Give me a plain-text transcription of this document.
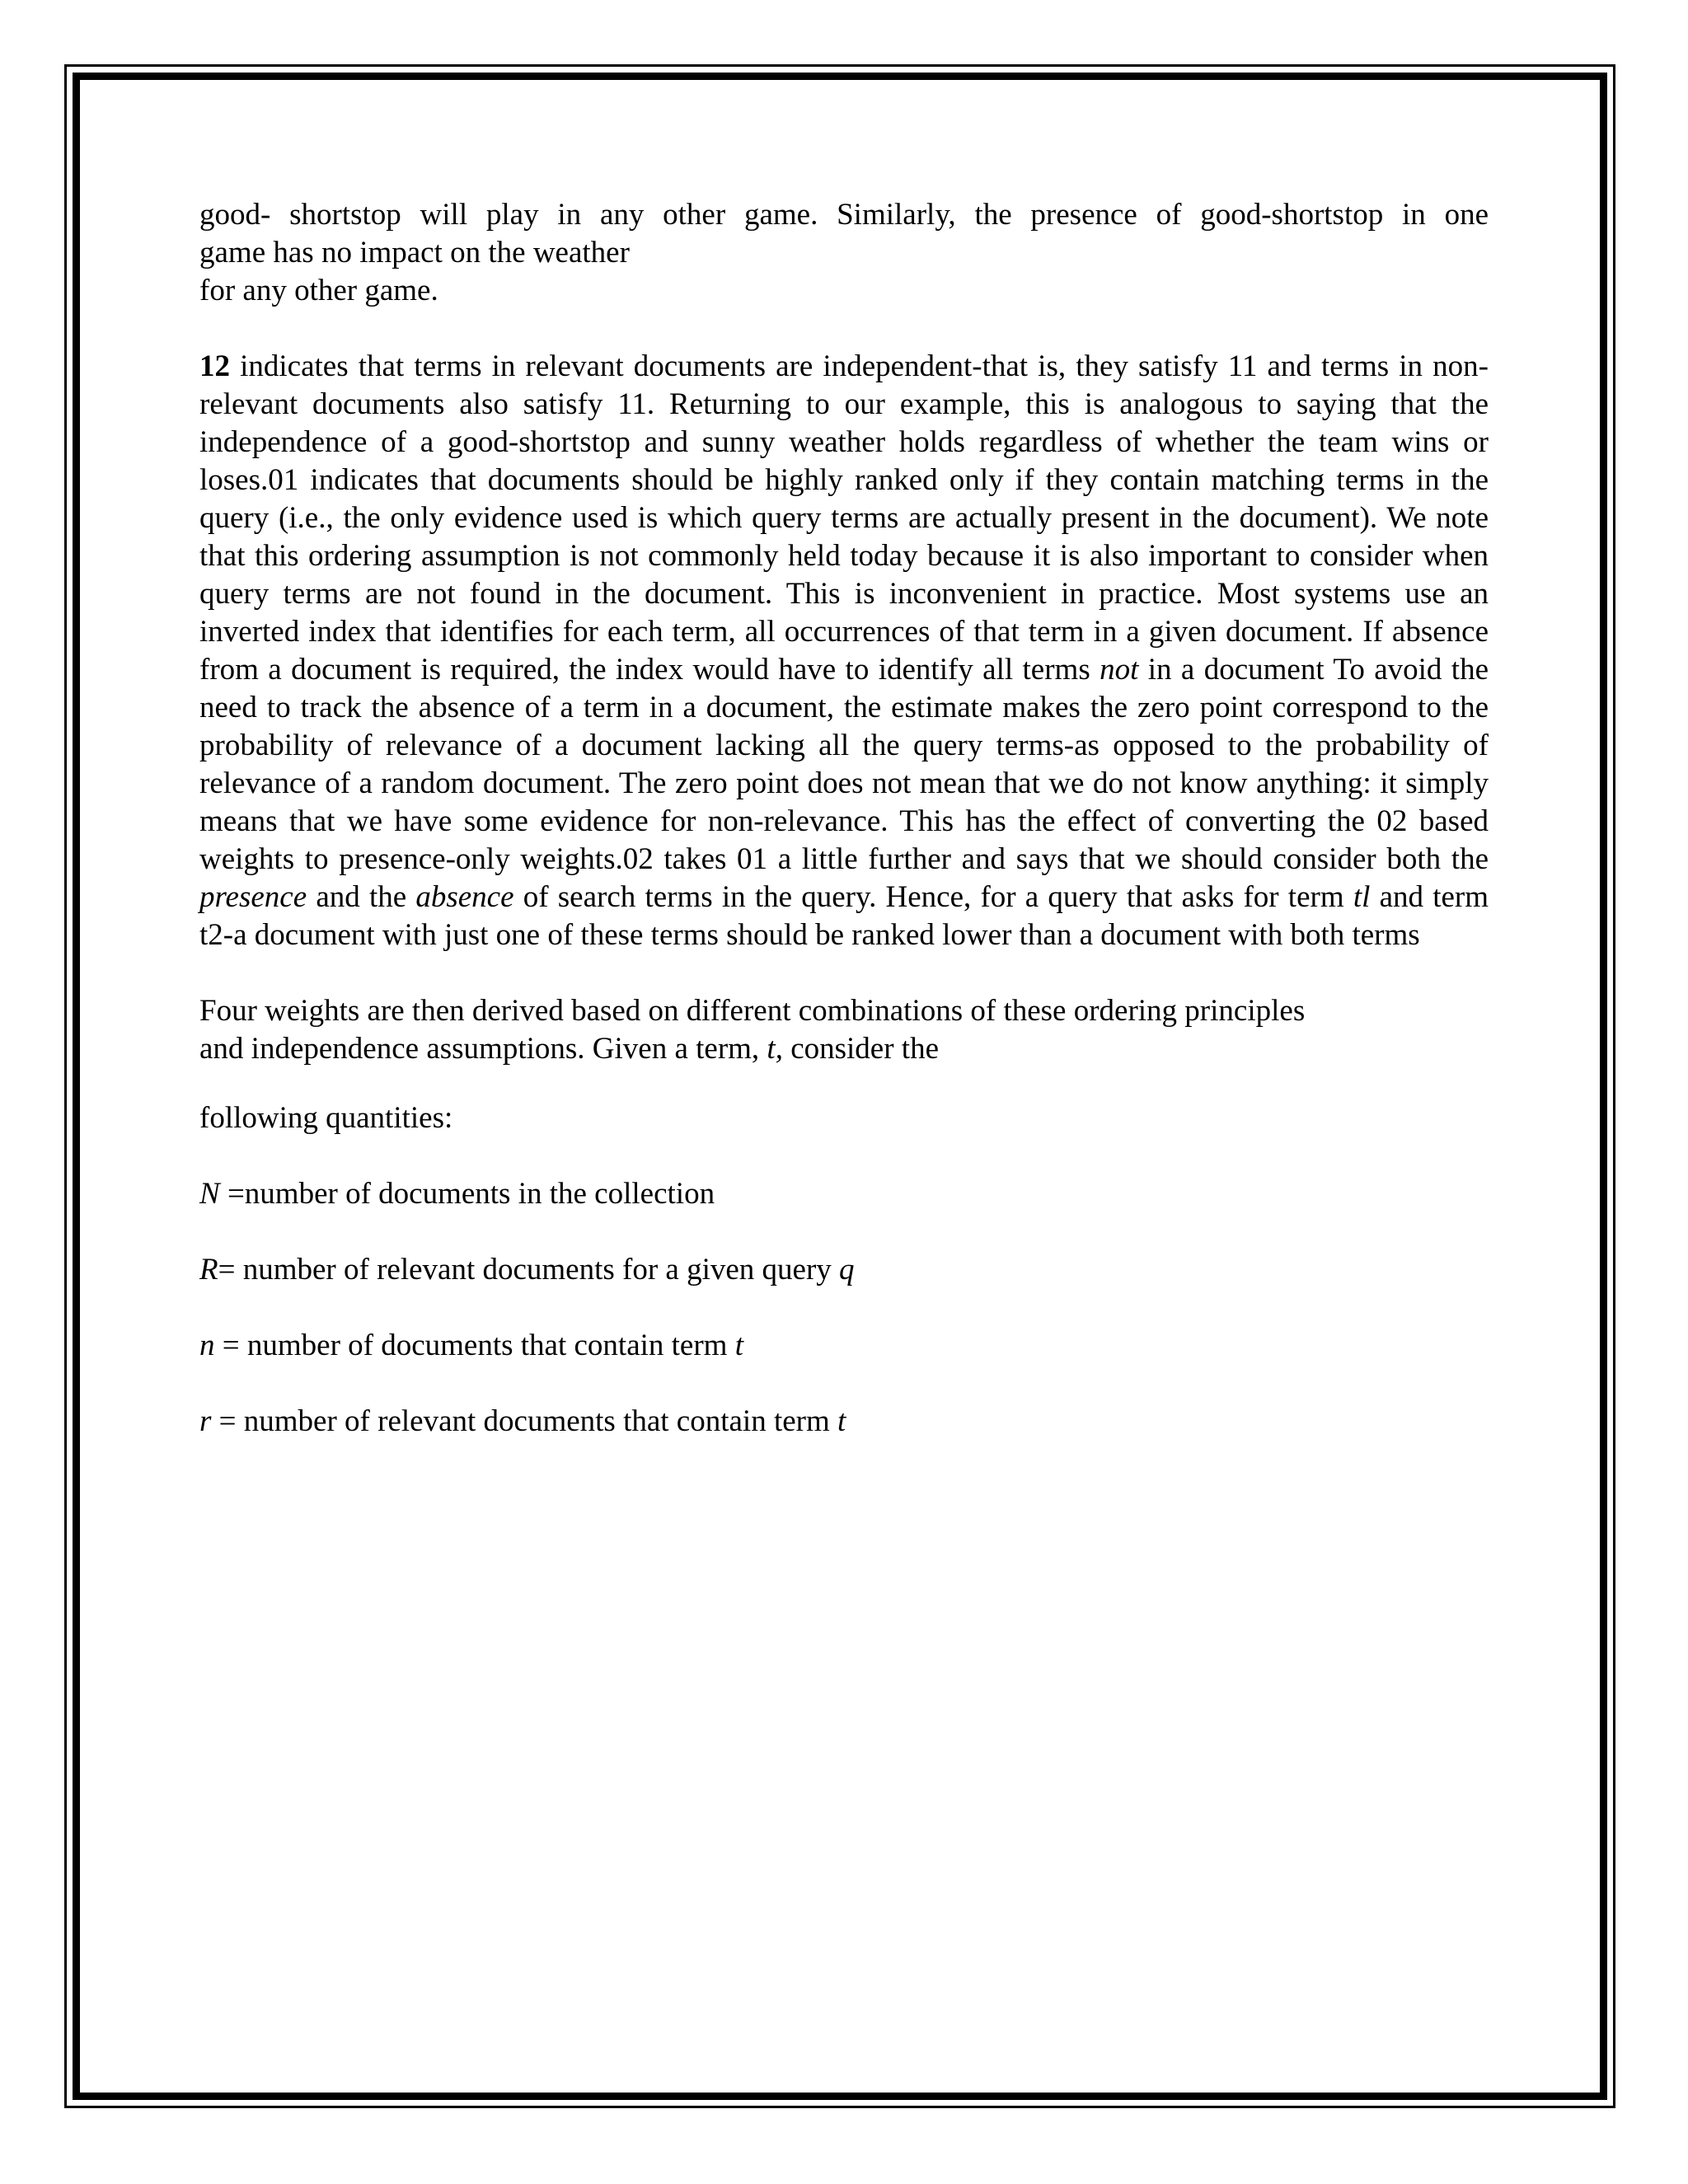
good- shortstop will play in any other game. Similarly, the presence of good-shortstop in one

game has no impact on the weather

for any other game.

12 indicates that terms in relevant documents are independent-that is, they satisfy 11 and terms in non-relevant documents also satisfy 11. Returning to our example, this is analogous to saying that the independence of a good-shortstop and sunny weather holds regardless of whether the team wins or loses.01 indicates that documents should be highly ranked only if they contain matching terms in the query (i.e., the only evidence used is which query terms are actually present in the document). We note that this ordering assumption is not commonly held today because it is also important to consider when query terms are not found in the document. This is inconvenient in practice. Most systems use an inverted index that identifies for each term, all occurrences of that term in a given document. If absence from a document is required, the index would have to identify all terms not in a document To avoid the need to track the absence of a term in a document, the estimate makes the zero point correspond to the probability of relevance of a document lacking all the query terms-as opposed to the probability of relevance of a random document. The zero point does not mean that we do not know anything: it simply means that we have some evidence for non-relevance. This has the effect of converting the 02 based weights to presence-only weights.02 takes 01 a little further and says that we should consider both the presence and the absence of search terms in the query. Hence, for a query that asks for term tl and term t2-a document with just one of these terms should be ranked lower than a document with both terms

Four weights are then derived based on different combinations of these ordering principles

and independence assumptions. Given a term, t, consider the

following quantities:

N =number of documents in the collection

R= number of relevant documents for a given query q

n = number of documents that contain term t

r = number of relevant documents that contain term t
